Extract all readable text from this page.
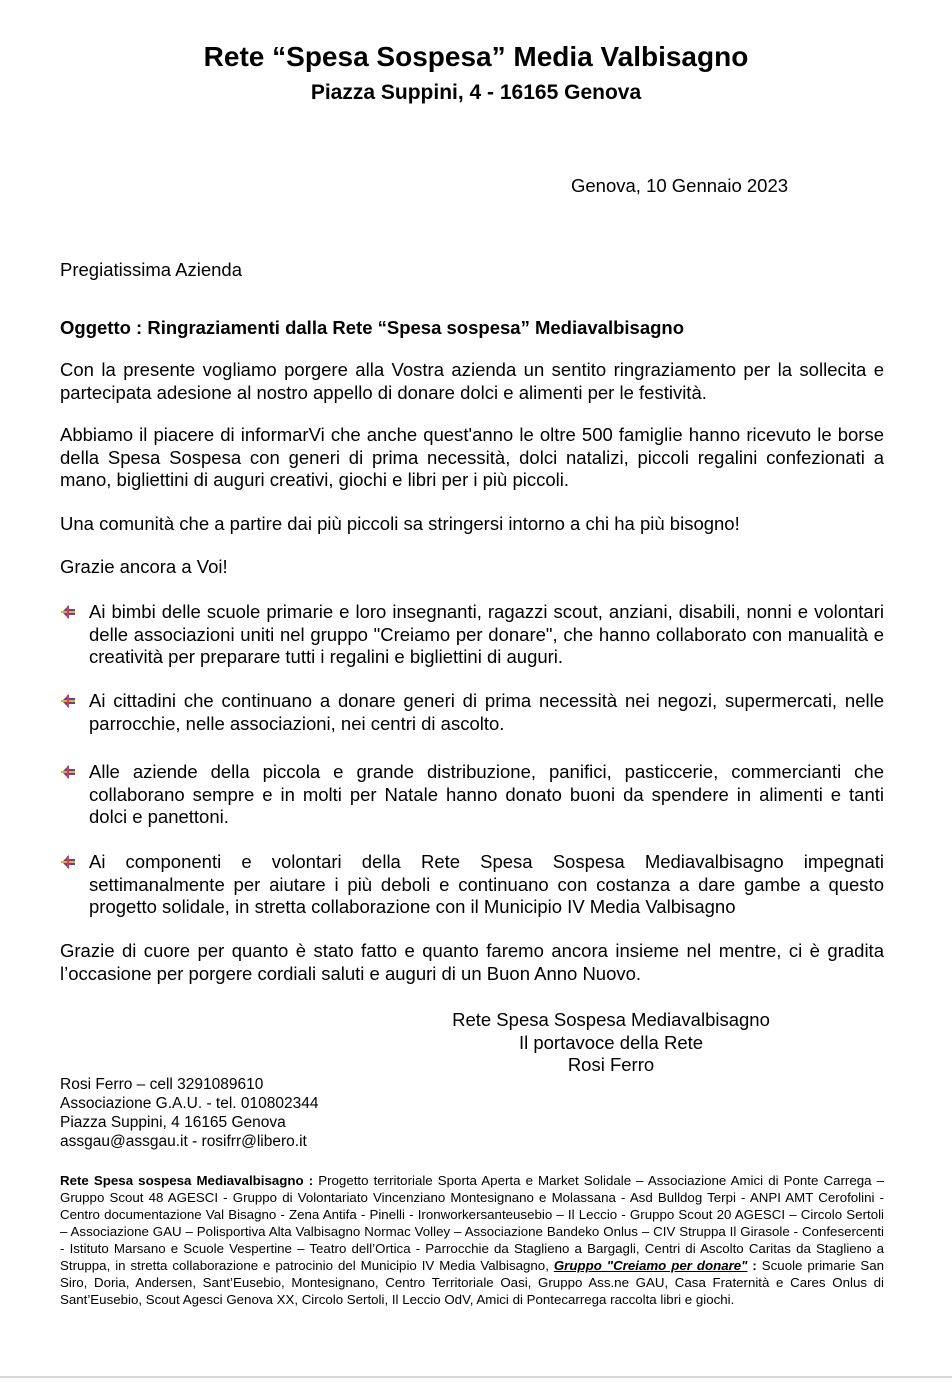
Rete “Spesa Sospesa” Media Valbisagno
Piazza Suppini, 4 - 16165 Genova
Genova, 10 Gennaio 2023
Pregiatissima Azienda
Oggetto : Ringraziamenti dalla Rete “Spesa sospesa” Mediavalbisagno
Con la presente vogliamo porgere alla Vostra azienda un sentito ringraziamento per la sollecita e partecipata adesione al nostro appello di donare dolci e alimenti per le festività.
Abbiamo il piacere di informarVi che anche quest'anno le oltre 500 famiglie hanno ricevuto le borse della Spesa Sospesa con generi di prima necessità, dolci natalizi, piccoli regalini confezionati a mano, bigliettini di auguri creativi, giochi e libri per i più piccoli.
Una comunità che a partire dai più piccoli sa stringersi intorno a chi ha più bisogno!
Grazie ancora a Voi!
Ai bimbi delle scuole primarie e loro insegnanti, ragazzi scout, anziani, disabili, nonni e volontari delle associazioni uniti nel gruppo "Creiamo per donare", che hanno collaborato con manualità e creatività per preparare tutti i regalini e bigliettini di auguri.
Ai cittadini che continuano a donare generi di prima necessità nei negozi, supermercati, nelle parrocchie, nelle associazioni, nei centri di ascolto.
Alle aziende della piccola e grande distribuzione, panifici, pasticcerie, commercianti che collaborano sempre e in molti per Natale hanno donato buoni da spendere in alimenti e tanti dolci e panettoni.
Ai componenti e volontari della Rete Spesa Sospesa Mediavalbisagno impegnati settimanalmente per aiutare i più deboli e continuano con costanza a dare gambe a questo progetto solidale, in stretta collaborazione con il Municipio IV Media Valbisagno
Grazie di cuore per quanto è stato fatto e quanto faremo ancora insieme nel mentre, ci è gradita l’occasione per porgere cordiali saluti e auguri di un Buon Anno Nuovo.
Rete Spesa Sospesa Mediavalbisagno
Il portavoce della Rete
Rosi Ferro
Rosi Ferro – cell 3291089610
Associazione G.A.U. - tel. 010802344
Piazza Suppini, 4 16165 Genova
assgau@assgau.it - rosifrr@libero.it
Rete Spesa sospesa Mediavalbisagno : Progetto territoriale Sporta Aperta e Market Solidale – Associazione Amici di Ponte Carrega – Gruppo Scout 48 AGESCI - Gruppo di Volontariato Vincenziano Montesignano e Molassana - Asd Bulldog Terpi - ANPI AMT Cerofolini - Centro documentazione Val Bisagno - Zena Antifa - Pinelli - Ironworkersanteusebio – Il Leccio - Gruppo Scout 20 AGESCI – Circolo Sertoli – Associazione GAU – Polisportiva Alta Valbisagno Normac Volley – Associazione Bandeko Onlus – CIV Struppa Il Girasole - Confesercenti - Istituto Marsano e Scuole Vespertine – Teatro dell’Ortica - Parrocchie da Staglieno a Bargagli, Centri di Ascolto Caritas da Staglieno a Struppa, in stretta collaborazione e patrocinio del Municipio IV Media Valbisagno, Gruppo "Creiamo per donare" : Scuole primarie San Siro, Doria, Andersen, Sant’Eusebio, Montesignano, Centro Territoriale Oasi, Gruppo Ass.ne GAU, Casa Fraternità e Cares Onlus di Sant’Eusebio, Scout Agesci Genova XX, Circolo Sertoli, Il Leccio OdV, Amici di Pontecarrega raccolta libri e giochi.
